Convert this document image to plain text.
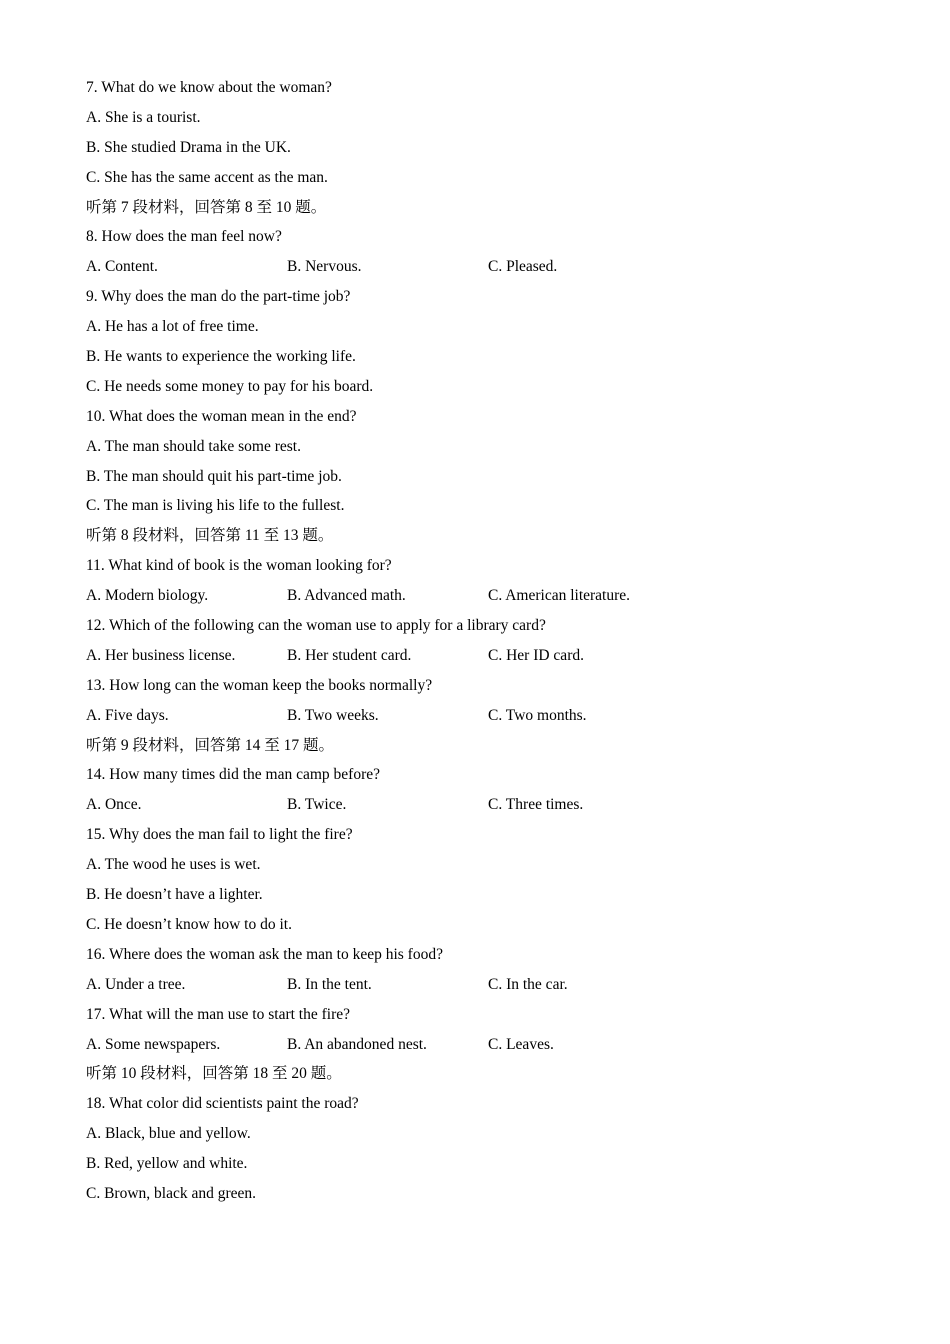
7. What do we know about the woman?
A. She is a tourist.
B. She studied Drama in the UK.
C. She has the same accent as the man.
听第 7 段材料，回答第 8 至 10 题。
8. How does the man feel now?
A. Content.	B. Nervous.	C. Pleased.
9. Why does the man do the part-time job?
A. He has a lot of free time.
B. He wants to experience the working life.
C. He needs some money to pay for his board.
10. What does the woman mean in the end?
A. The man should take some rest.
B. The man should quit his part-time job.
C. The man is living his life to the fullest.
听第 8 段材料，回答第 11 至 13 题。
11. What kind of book is the woman looking for?
A. Modern biology.	B. Advanced math.	C. American literature.
12. Which of the following can the woman use to apply for a library card?
A. Her business license.	B. Her student card.	C. Her ID card.
13. How long can the woman keep the books normally?
A. Five days.	B. Two weeks.	C. Two months.
听第 9 段材料，回答第 14 至 17 题。
14. How many times did the man camp before?
A. Once.	B. Twice.	C. Three times.
15. Why does the man fail to light the fire?
A. The wood he uses is wet.
B. He doesn’t have a lighter.
C. He doesn’t know how to do it.
16. Where does the woman ask the man to keep his food?
A. Under a tree.	B. In the tent.	C. In the car.
17. What will the man use to start the fire?
A. Some newspapers.	B. An abandoned nest.	C. Leaves.
听第 10 段材料，回答第 18 至 20 题。
18. What color did scientists paint the road?
A. Black, blue and yellow.
B. Red, yellow and white.
C. Brown, black and green.
